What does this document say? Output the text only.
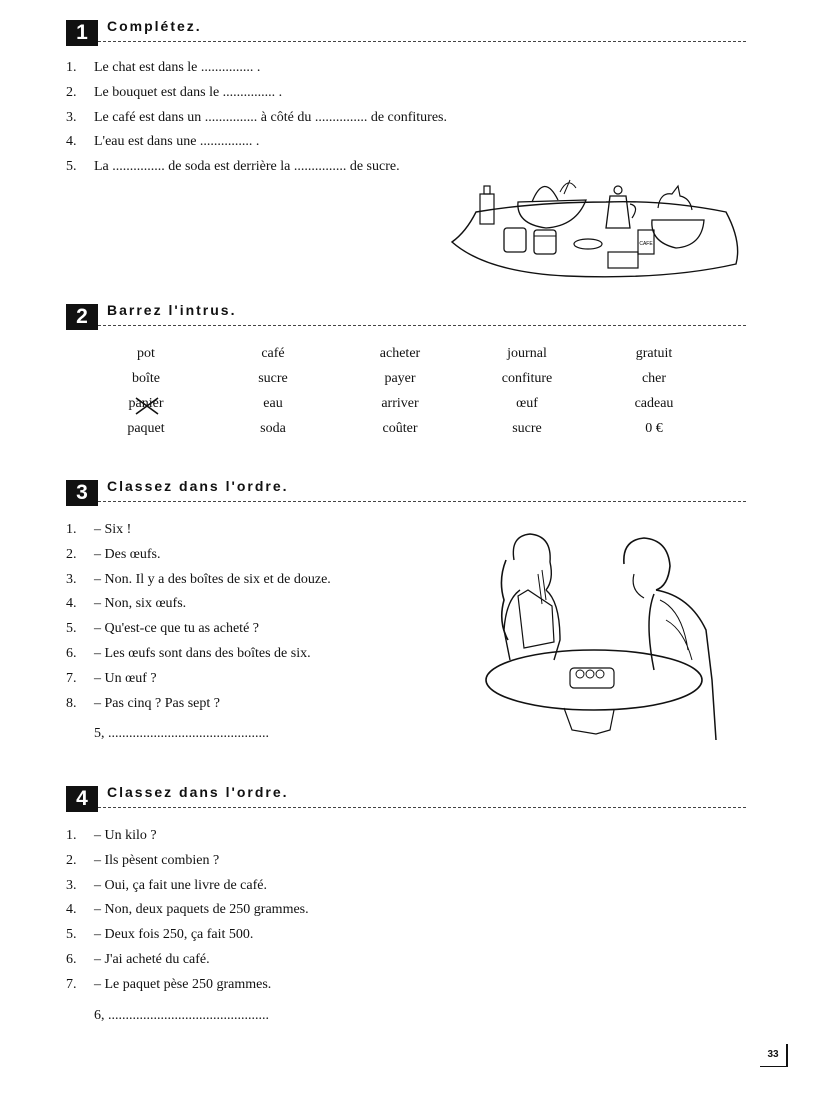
1	Complétez.
1. Le chat est dans le ............... .
2. Le bouquet est dans le ............... .
3. Le café est dans un ............... à côté du ............... de confitures.
4. L'eau est dans une ............... .
5. La ............... de soda est derrière la ............... de sucre.
CAFE
2	Barrez l'intrus.
pot	café	acheter	journal	gratuit
boîte	sucre	payer	confiture	cher
panier	eau	arriver	œuf	cadeau
paquet	soda	coûter	sucre	0 €
3	Classez dans l'ordre.
1. – Six !
2. – Des œufs.
3. – Non. Il y a des boîtes de six et de douze.
4. – Non, six œufs.
5. – Qu'est-ce que tu as acheté ?
6. – Les œufs sont dans des boîtes de six.
7. – Un œuf ?
8. – Pas cinq ? Pas sept ?
5, ..............................................
4	Classez dans l'ordre.
1. – Un kilo ?
2. – Ils pèsent combien ?
3. – Oui, ça fait une livre de café.
4. – Non, deux paquets de 250 grammes.
5. – Deux fois 250, ça fait 500.
6. – J'ai acheté du café.
7. – Le paquet pèse 250 grammes.
6, ..............................................
33
